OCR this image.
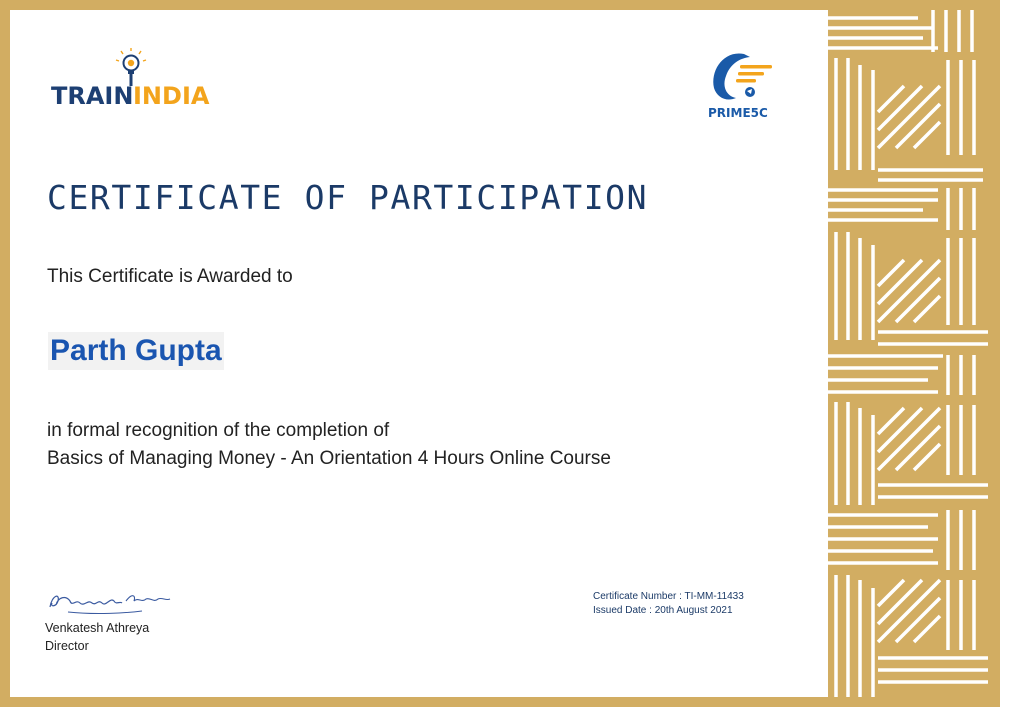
TRAIN INDIA
PRIME5C
CERTIFICATE OF PARTICIPATION
This Certificate is Awarded to
Parth Gupta
in formal recognition of the completion of
Basics of Managing Money - An Orientation 4 Hours Online Course
Venkatesh Athreya
Director
Certificate Number : TI-MM-11433
Issued Date : 20th August 2021
